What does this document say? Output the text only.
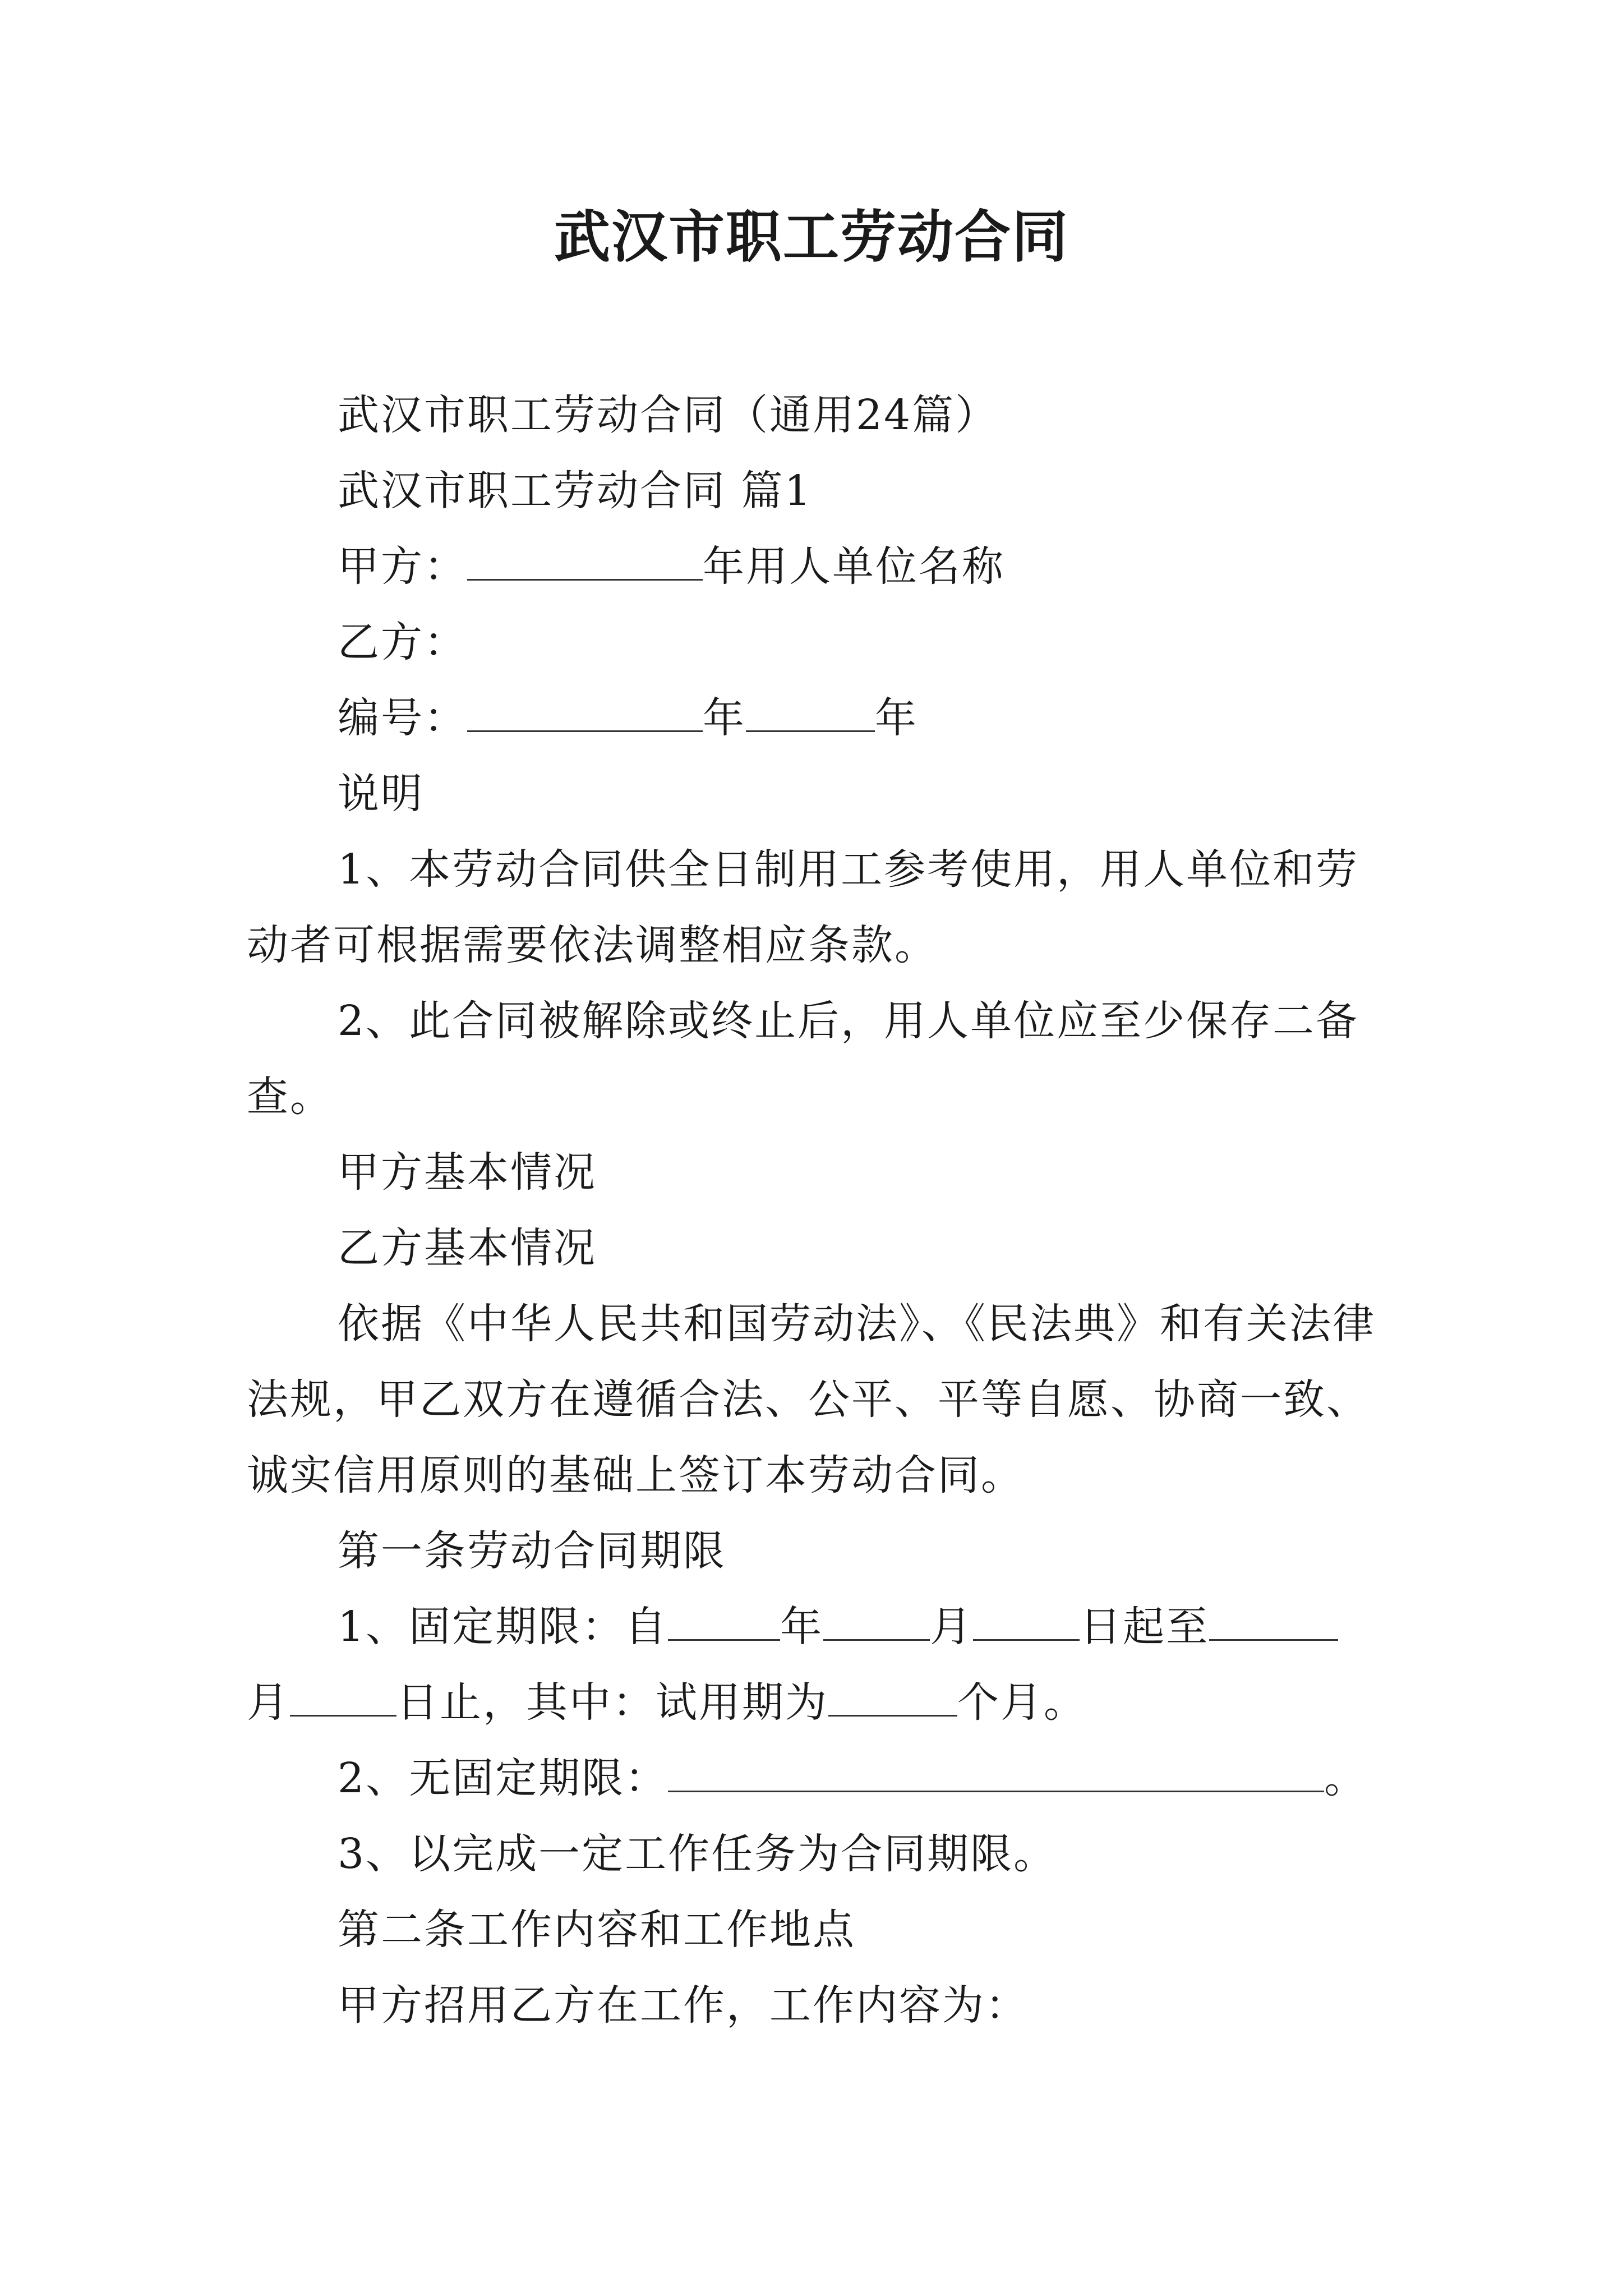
武汉市职工劳动合同
武汉市职工劳动合同（通用24篇）
武汉市职工劳动合同 篇1
甲方：	年用人单位名称
乙方：
编号：	年	年
说明
1、本劳动合同供全日制用工参考使用，用人单位和劳
动者可根据需要依法调整相应条款。
2、此合同被解除或终止后，用人单位应至少保存二备
查。
甲方基本情况
乙方基本情况
依据《中华人民共和国劳动法》、《民法典》和有关法律
法规，甲乙双方在遵循合法、公平、平等自愿、协商一致、
诚实信用原则的基础上签订本劳动合同。
第一条劳动合同期限
1、固定期限：自	年	月	日起至
月	日止，其中：试用期为	个月。
2、无固定期限：	。
3、以完成一定工作任务为合同期限。
第二条工作内容和工作地点
甲方招用乙方在工作，工作内容为：
